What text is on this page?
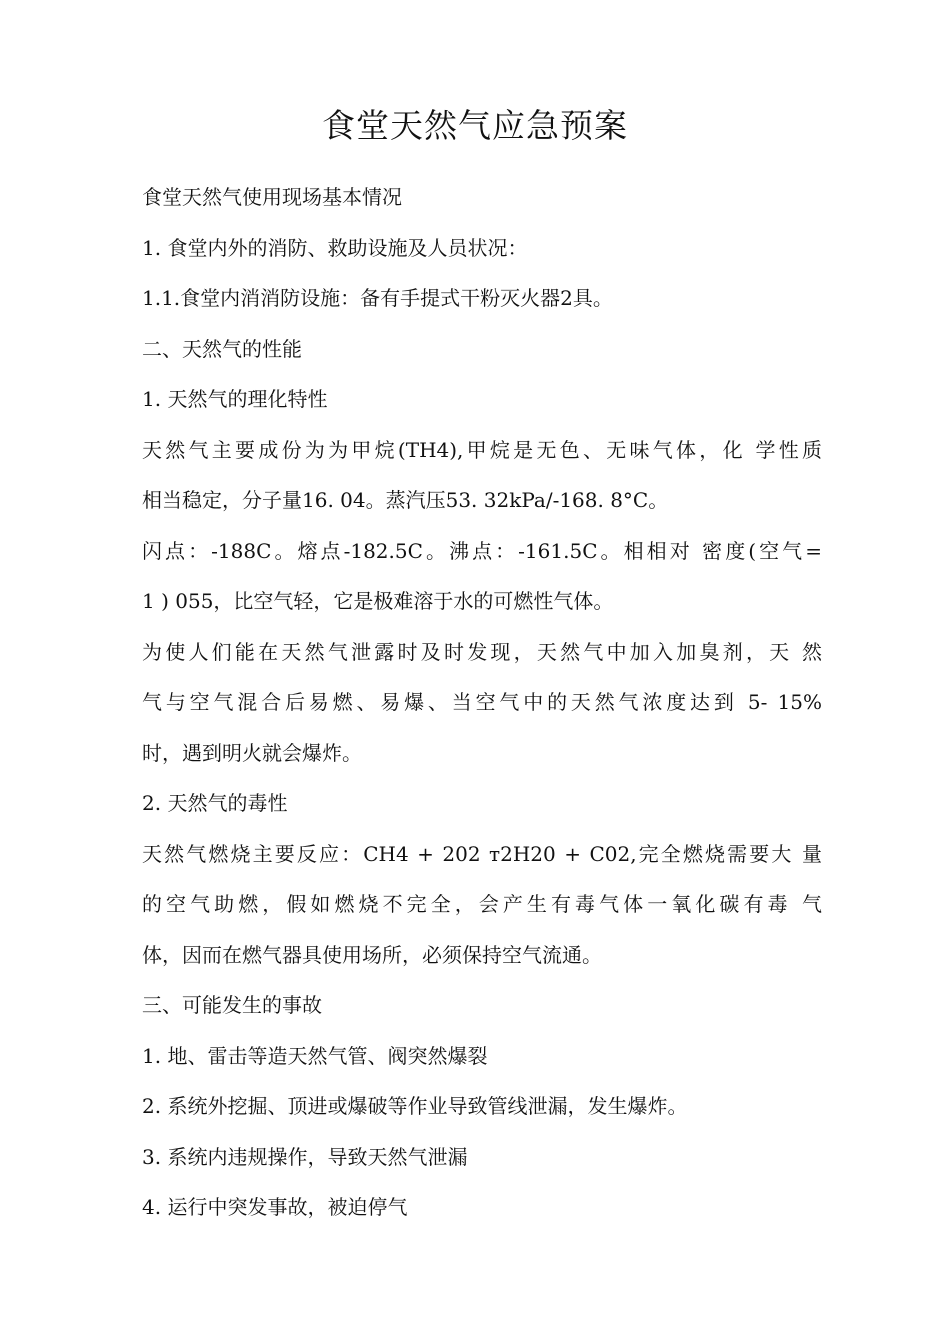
食堂天然气应急预案
食堂天然气使用现场基本情况
1. 食堂内外的消防、救助设施及人员状况：
1.1.食堂内消消防设施：备有手提式干粉灭火器2具。
二、天然气的性能
1. 天然气的理化特性
天然气主要成份为为甲烷(TH4),甲烷是无色、无味气体，化 学性质
相当稳定，分子量16. 04。蒸汽压53. 32kPa/-168. 8°C。
闪点：-188C。熔点-182.5C。沸点：-161.5C。相相对 密度(空气=
1 ) 055，比空气轻，它是极难溶于水的可燃性气体。
为使人们能在天然气泄露时及时发现，天然气中加入加臭剂，天 然
气与空气混合后易燃、易爆、当空气中的天然气浓度达到 5- 15%
时，遇到明火就会爆炸。
2. 天然气的毒性
天然气燃烧主要反应：CH4 + 202 т2H20 + C02,完全燃烧需要大 量
的空气助燃，假如燃烧不完全，会产生有毒气体一氧化碳有毒 气
体，因而在燃气器具使用场所，必须保持空气流通。
三、可能发生的事故
1. 地、雷击等造天然气管、阀突然爆裂
2. 系统外挖掘、顶进或爆破等作业导致管线泄漏，发生爆炸。
3. 系统内违规操作，导致天然气泄漏
4. 运行中突发事故，被迫停气
